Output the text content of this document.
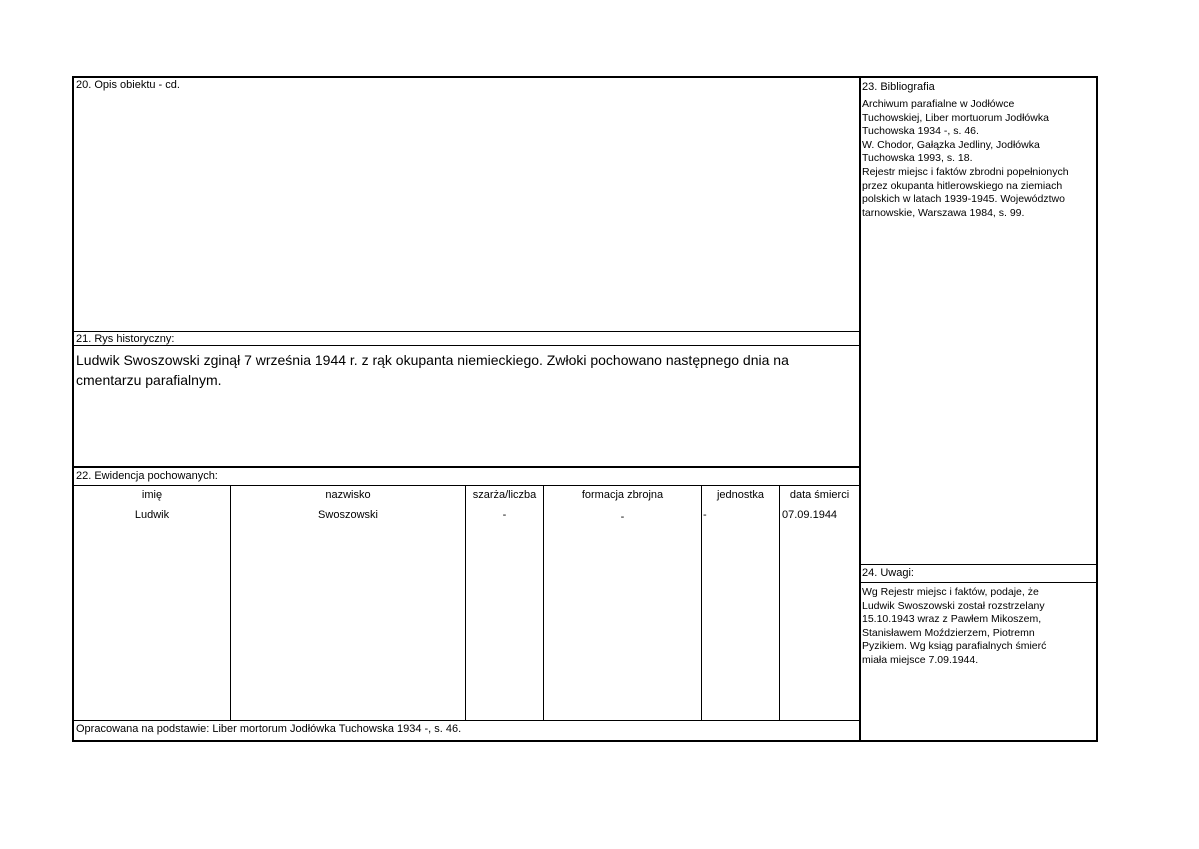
20. Opis obiektu - cd.
21. Rys historyczny:
Ludwik Swoszowski zginął 7 września 1944 r. z rąk okupanta niemieckiego. Zwłoki pochowano następnego dnia na cmentarzu parafialnym.
22. Ewidencja pochowanych:
imię	nazwisko	szarża/liczba	formacja zbrojna	jednostka	data śmierci
Ludwik	Swoszowski	-	-	-	07.09.1944
Opracowana na podstawie: Liber mortorum Jodłówka Tuchowska 1934 -, s. 46.
23. Bibliografia
Archiwum parafialne w Jodłówce
Tuchowskiej, Liber mortuorum Jodłówka
Tuchowska 1934 -, s. 46.
W. Chodor, Gałązka Jedliny, Jodłówka
Tuchowska 1993, s. 18.
Rejestr miejsc i faktów zbrodni popełnionych
przez okupanta hitlerowskiego na ziemiach
polskich w latach 1939-1945. Województwo
tarnowskie, Warszawa 1984, s. 99.
24. Uwagi:
Wg Rejestr miejsc i faktów, podaje, że
Ludwik Swoszowski został rozstrzelany
15.10.1943 wraz z Pawłem Mikoszem,
Stanisławem Moździerzem, Piotremn
Pyzikiem. Wg ksiąg parafialnych śmierć
miała miejsce 7.09.1944.
